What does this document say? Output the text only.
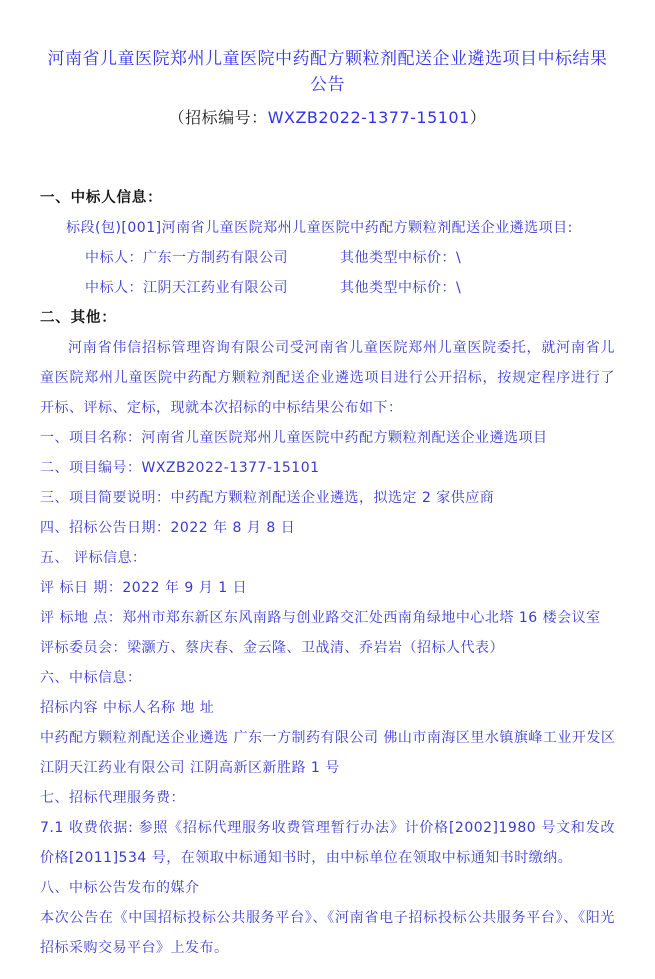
河南省儿童医院郑州儿童医院中药配方颗粒剂配送企业遴选项目中标结果公告
（招标编号：WXZB2022-1377-15101）
一、中标人信息：
标段(包)[001]河南省儿童医院郑州儿童医院中药配方颗粒剂配送企业遴选项目:
中标人：广东一方制药有限公司	其他类型中标价：\
中标人：江阴天江药业有限公司	其他类型中标价：\
二、其他：
河南省伟信招标管理咨询有限公司受河南省儿童医院郑州儿童医院委托，就河南省儿童医院郑州儿童医院中药配方颗粒剂配送企业遴选项目进行公开招标，按规定程序进行了开标、评标、定标，现就本次招标的中标结果公布如下：
一、项目名称：河南省儿童医院郑州儿童医院中药配方颗粒剂配送企业遴选项目
二、项目编号：WXZB2022-1377-15101
三、项目简要说明：中药配方颗粒剂配送企业遴选，拟选定 2 家供应商
四、招标公告日期：2022 年 8 月 8 日
五、 评标信息：
评 标日 期：2022 年 9 月 1 日
评 标地 点：郑州市郑东新区东风南路与创业路交汇处西南角绿地中心北塔 16 楼会议室
评标委员会：梁灏方、蔡庆春、金云隆、卫战清、乔岩岩（招标人代表）
六、中标信息：
招标内容 中标人名称 地 址
中药配方颗粒剂配送企业遴选 广东一方制药有限公司 佛山市南海区里水镇旗峰工业开发区
江阴天江药业有限公司 江阴高新区新胜路 1 号
七、招标代理服务费：
7.1 收费依据: 参照《招标代理服务收费管理暂行办法》计价格[2002]1980 号文和发改价格[2011]534 号，在领取中标通知书时，由中标单位在领取中标通知书时缴纳。
八、中标公告发布的媒介
本次公告在《中国招标投标公共服务平台》、《河南省电子招标投标公共服务平台》、《阳光招标采购交易平台》上发布。
